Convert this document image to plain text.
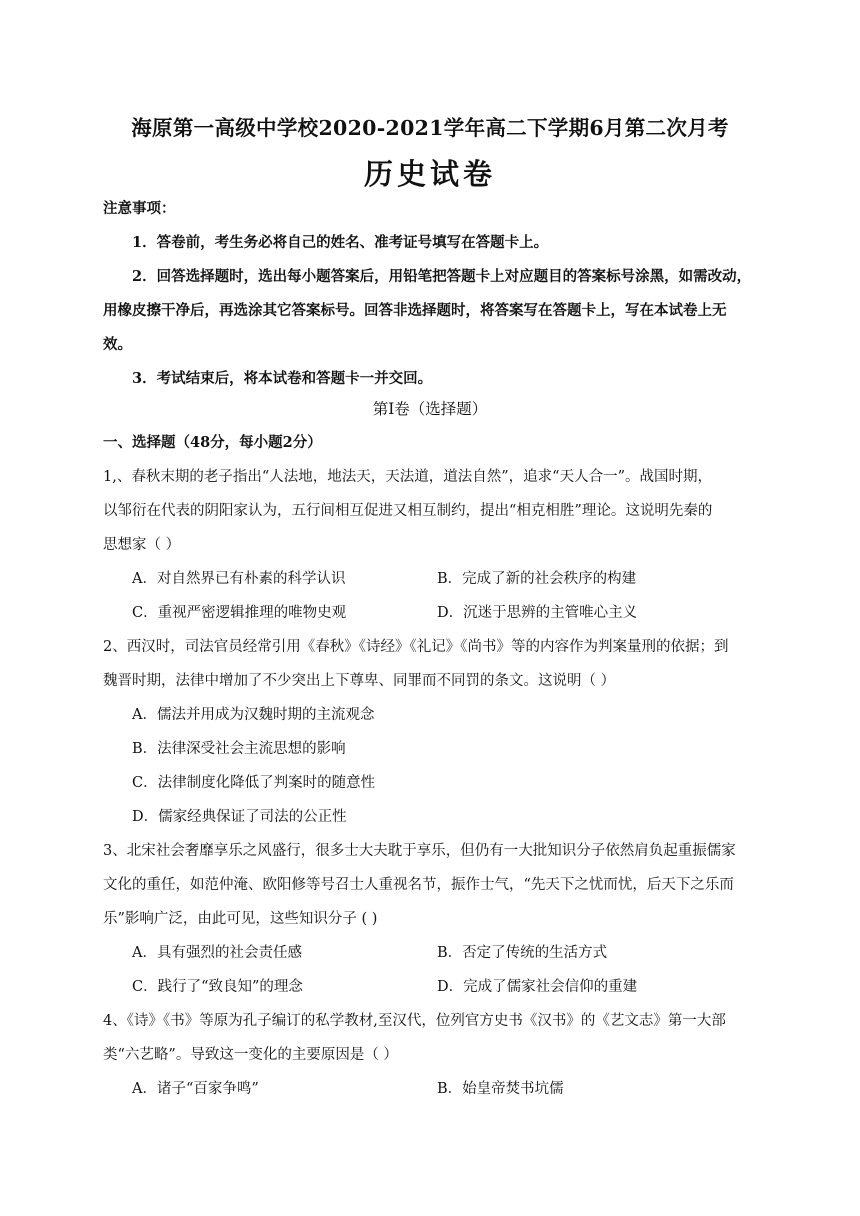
海原第一高级中学校2020-2021学年高二下学期6月第二次月考
历史试卷
注意事项：
1．答卷前，考生务必将自己的姓名、准考证号填写在答题卡上。
2．回答选择题时，选出每小题答案后，用铅笔把答题卡上对应题目的答案标号涂黑，如需改动，
用橡皮擦干净后，再选涂其它答案标号。回答非选择题时，将答案写在答题卡上，写在本试卷上无
效。
3．考试结束后，将本试卷和答题卡一并交回。
第Ⅰ卷（选择题）
一、选择题（48分，每小题2分）
1,、春秋末期的老子指出“人法地，地法天，天法道，道法自然”，追求“天人合一”。战国时期，
以邹衍在代表的阴阳家认为，五行间相互促进又相互制约，提出“相克相胜”理论。这说明先秦的
思想家（ ）
A．对自然界已有朴素的科学认识	B．完成了新的社会秩序的构建
C．重视严密逻辑推理的唯物史观	D．沉迷于思辨的主管唯心主义
2、西汉时，司法官员经常引用《春秋》《诗经》《礼记》《尚书》等的内容作为判案量刑的依据；到
魏晋时期，法律中增加了不少突出上下尊卑、同罪而不同罚的条文。这说明（ ）
A．儒法并用成为汉魏时期的主流观念
B．法律深受社会主流思想的影响
C．法律制度化降低了判案时的随意性
D．儒家经典保证了司法的公正性
3、北宋社会奢靡享乐之风盛行，很多士大夫耽于享乐，但仍有一大批知识分子依然肩负起重振儒家
文化的重任，如范仲淹、欧阳修等号召士人重视名节，振作士气，“先天下之忧而忧，后天下之乐而
乐”影响广泛，由此可见，这些知识分子 ( )
A．具有强烈的社会责任感	B．否定了传统的生活方式
C．践行了“致良知”的理念	D．完成了儒家社会信仰的重建
4、《诗》《书》等原为孔子编订的私学教材,至汉代，位列官方史书《汉书》的《艺文志》第一大部
类“六艺略”。导致这一变化的主要原因是（ ）
A．诸子“百家争鸣”	B．始皇帝焚书坑儒
